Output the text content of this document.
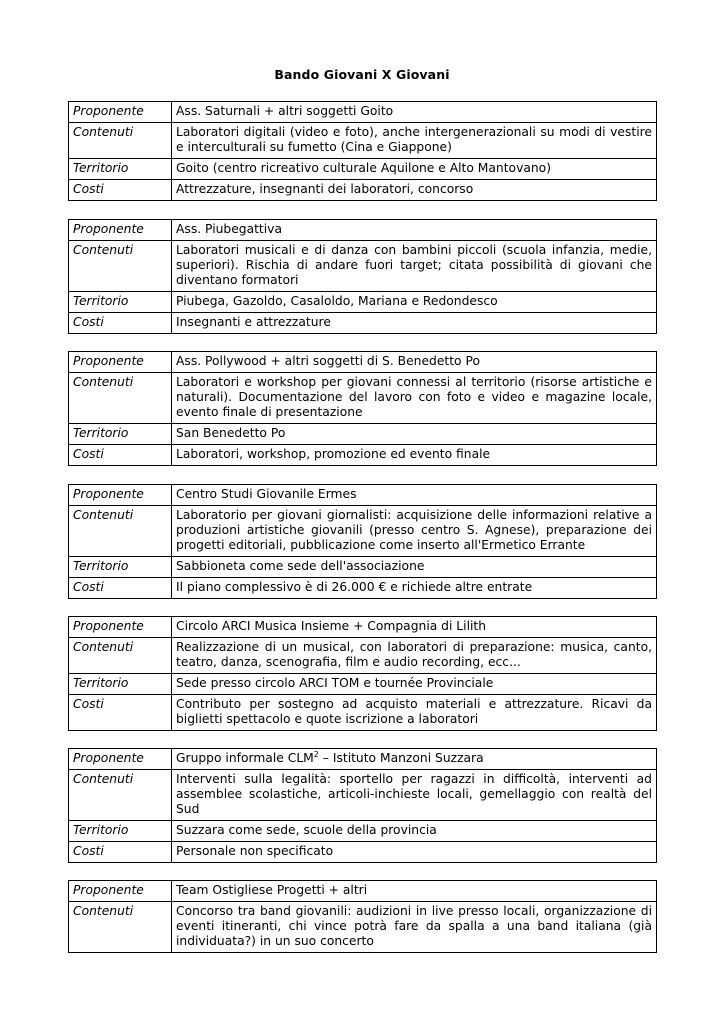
Bando Giovani X Giovani
Proponente	Ass. Saturnali + altri soggetti Goito
Contenuti	Laboratori digitali (video e foto), anche intergenerazionali su modi di vestire e interculturali su fumetto (Cina e Giappone)
Territorio	Goito (centro ricreativo culturale Aquilone e Alto Mantovano)
Costi	Attrezzature, insegnanti dei laboratori, concorso
Proponente	Ass. Piubegattiva
Contenuti	Laboratori musicali e di danza con bambini piccoli (scuola infanzia, medie, superiori). Rischia di andare fuori target; citata possibilità di giovani che diventano formatori
Territorio	Piubega, Gazoldo, Casaloldo, Mariana e Redondesco
Costi	Insegnanti e attrezzature
Proponente	Ass. Pollywood + altri soggetti di S. Benedetto Po
Contenuti	Laboratori e workshop per giovani connessi al territorio (risorse artistiche e naturali). Documentazione del lavoro con foto e video e magazine locale, evento finale di presentazione
Territorio	San Benedetto Po
Costi	Laboratori, workshop, promozione ed evento finale
Proponente	Centro Studi Giovanile Ermes
Contenuti	Laboratorio per giovani giornalisti: acquisizione delle informazioni relative a produzioni artistiche giovanili (presso centro S. Agnese), preparazione dei progetti editoriali, pubblicazione come inserto all'Ermetico Errante
Territorio	Sabbioneta come sede dell'associazione
Costi	Il piano complessivo è di 26.000 € e richiede altre entrate
Proponente	Circolo ARCI Musica Insieme + Compagnia di Lilith
Contenuti	Realizzazione di un musical, con laboratori di preparazione: musica, canto, teatro, danza, scenografia, film e audio recording, ecc...
Territorio	Sede presso circolo ARCI TOM e tournée Provinciale
Costi	Contributo per sostegno ad acquisto materiali e attrezzature. Ricavi da biglietti spettacolo e quote iscrizione a laboratori
Proponente	Gruppo informale CLM$^2$ – Istituto Manzoni Suzzara
Contenuti	Interventi sulla legalità: sportello per ragazzi in difficoltà, interventi ad assemblee scolastiche, articoli-inchieste locali, gemellaggio con realtà del Sud
Territorio	Suzzara come sede, scuole della provincia
Costi	Personale non specificato
Proponente	Team Ostigliese Progetti + altri
Contenuti	Concorso tra band giovanili: audizioni in live presso locali, organizzazione di eventi itineranti, chi vince potrà fare da spalla a una band italiana (già individuata?) in un suo concerto
